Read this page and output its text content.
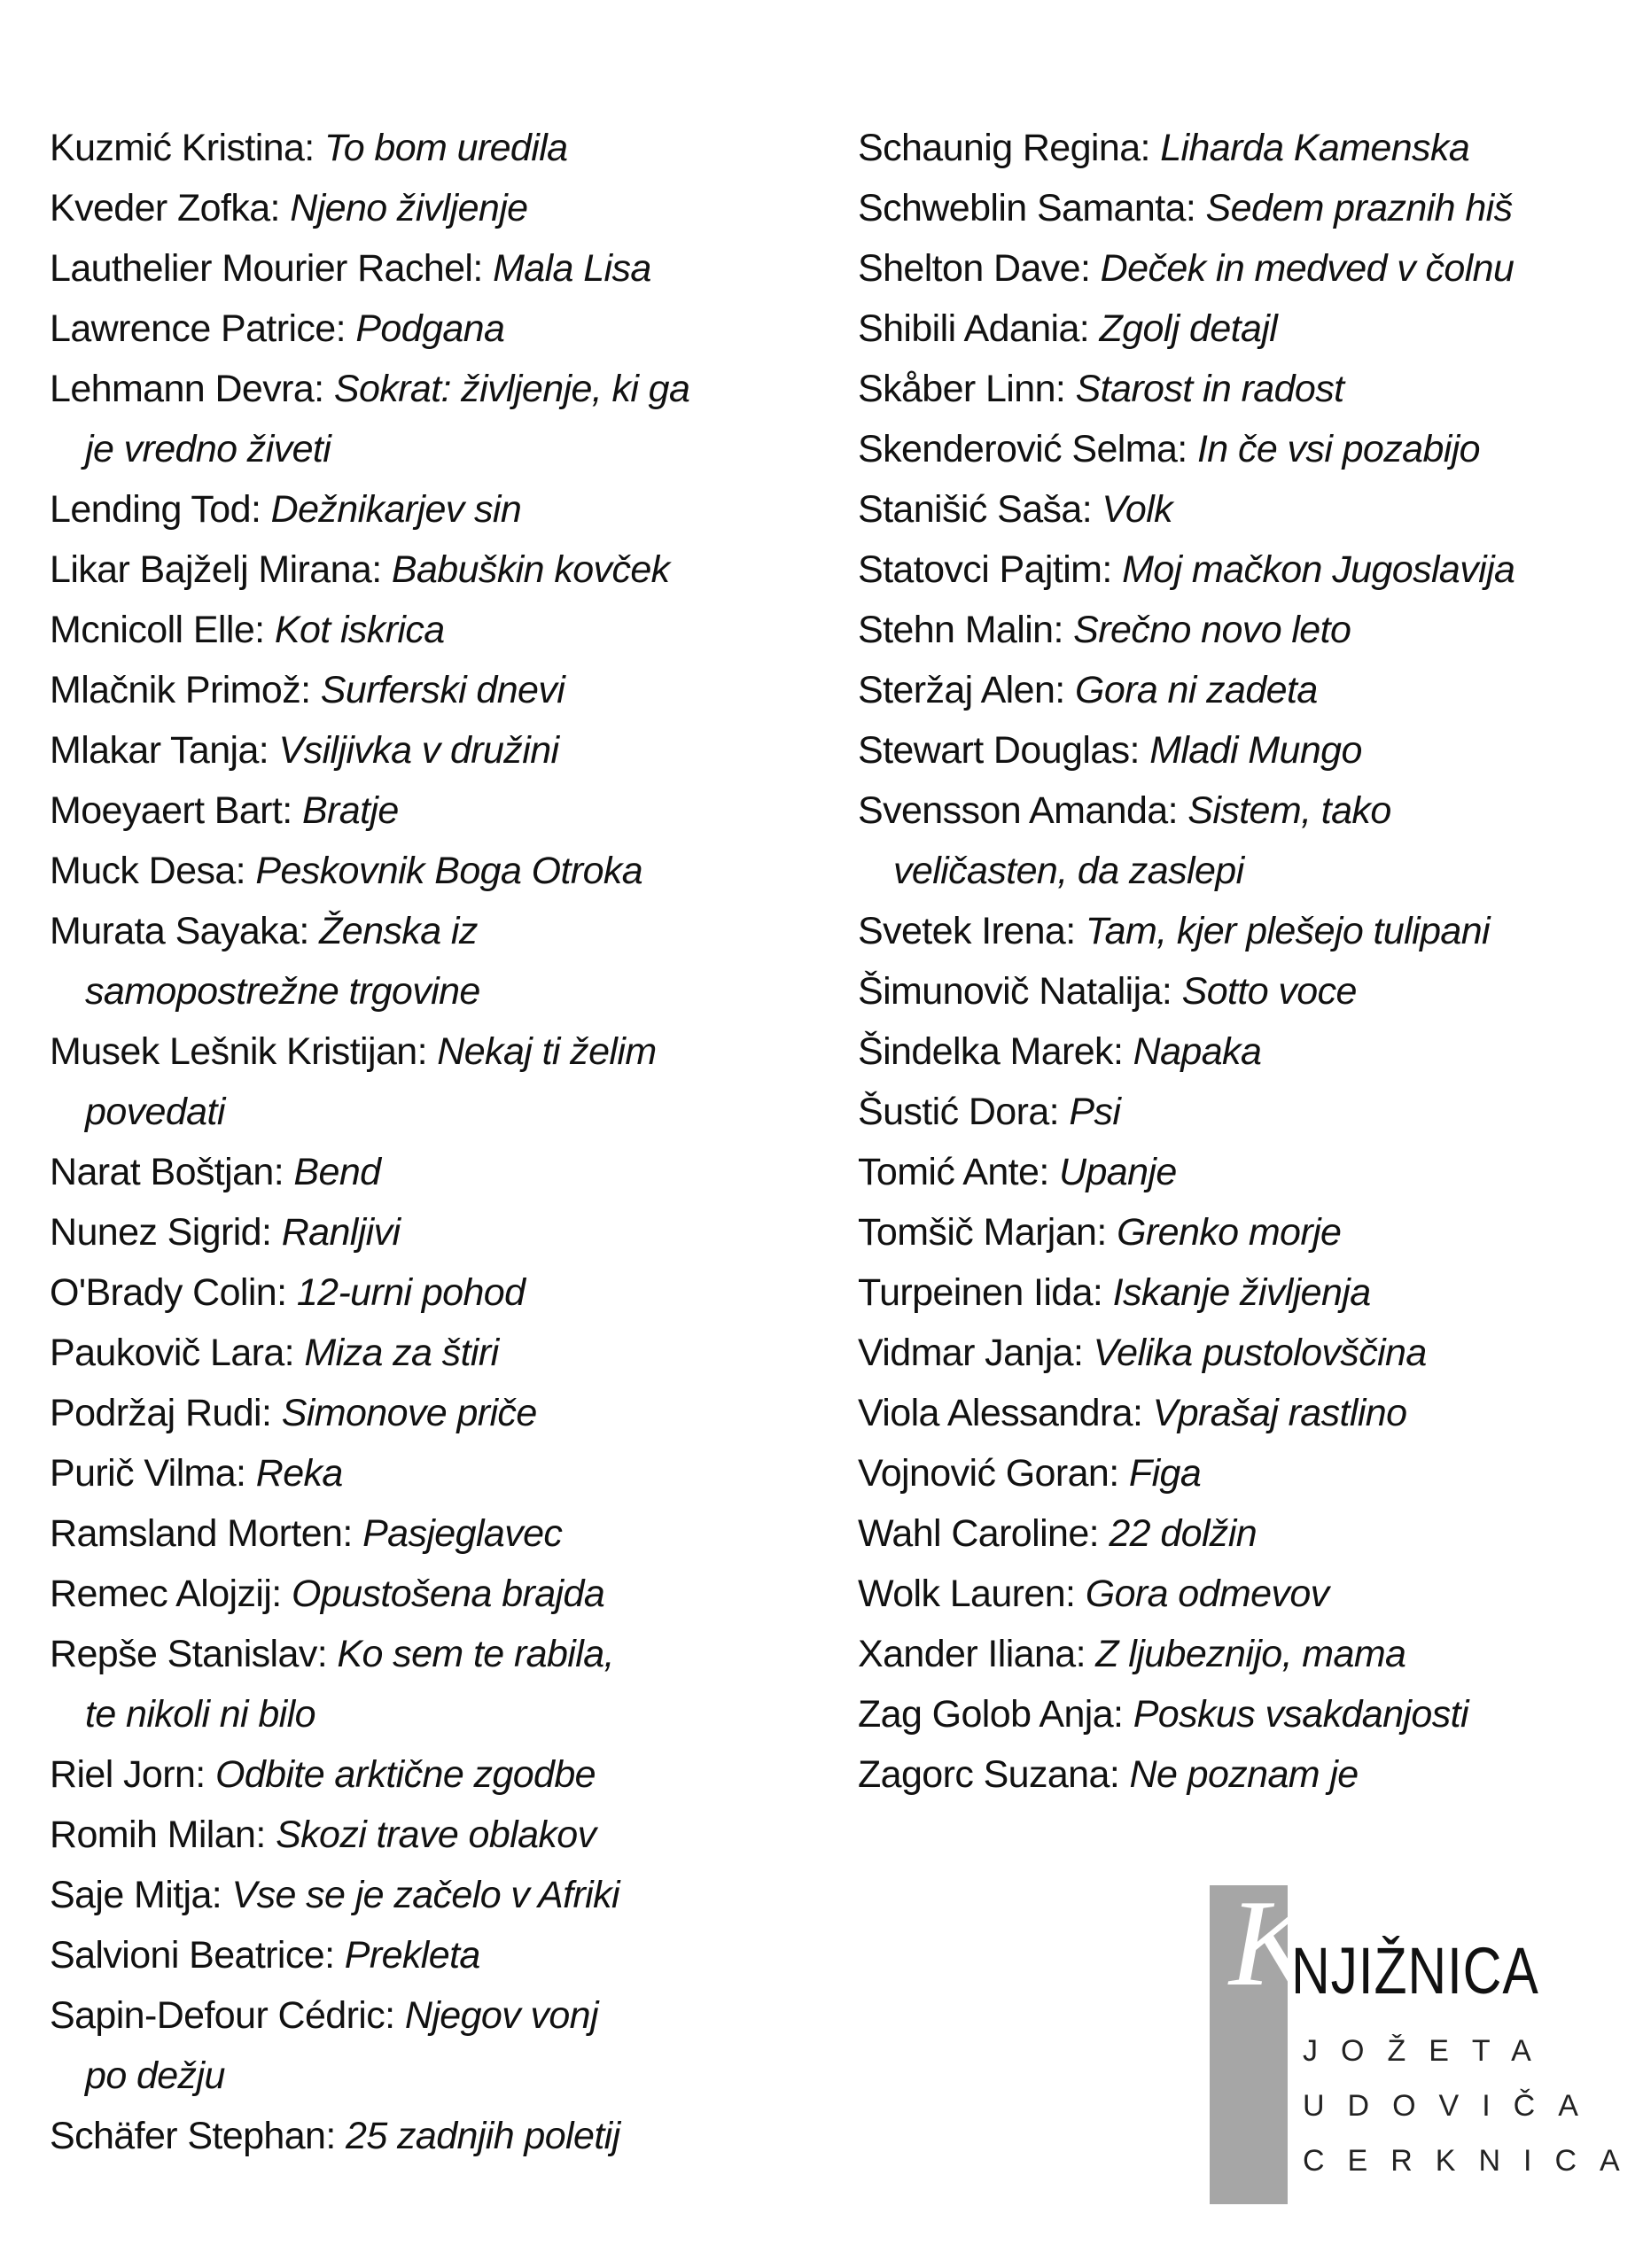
Kuzmić Kristina: To bom uredila
Kveder Zofka: Njeno življenje
Lauthelier Mourier Rachel: Mala Lisa
Lawrence Patrice: Podgana
Lehmann Devra: Sokrat: življenje, ki ga
je vredno živeti
Lending Tod: Dežnikarjev sin
Likar Bajželj Mirana: Babuškin kovček
Mcnicoll Elle: Kot iskrica
Mlačnik Primož: Surferski dnevi
Mlakar Tanja: Vsiljivka v družini
Moeyaert Bart: Bratje
Muck Desa: Peskovnik Boga Otroka
Murata Sayaka: Ženska iz
samopostrežne trgovine
Musek Lešnik Kristijan: Nekaj ti želim
povedati
Narat Boštjan: Bend
Nunez Sigrid: Ranljivi
O'Brady Colin: 12-urni pohod
Paukovič Lara: Miza za štiri
Podržaj Rudi: Simonove priče
Purič Vilma: Reka
Ramsland Morten: Pasjeglavec
Remec Alojzij: Opustošena brajda
Repše Stanislav: Ko sem te rabila,
te nikoli ni bilo
Riel Jorn: Odbite arktične zgodbe
Romih Milan: Skozi trave oblakov
Saje Mitja: Vse se je začelo v Afriki
Salvioni Beatrice: Prekleta
Sapin-Defour Cédric: Njegov vonj
po dežju
Schäfer Stephan: 25 zadnjih poletij
Schaunig Regina: Liharda Kamenska
Schweblin Samanta: Sedem praznih hiš
Shelton Dave: Deček in medved v čolnu
Shibili Adania: Zgolj detajl
Skåber Linn: Starost in radost
Skenderović Selma: In če vsi pozabijo
Stanišić Saša: Volk
Statovci Pajtim: Moj mačkon Jugoslavija
Stehn Malin: Srečno novo leto
Steržaj Alen: Gora ni zadeta
Stewart Douglas: Mladi Mungo
Svensson Amanda: Sistem, tako
veličasten, da zaslepi
Svetek Irena: Tam, kjer plešejo tulipani
Šimunovič Natalija: Sotto voce
Šindelka Marek: Napaka
Šustić Dora: Psi
Tomić Ante: Upanje
Tomšič Marjan: Grenko morje
Turpeinen Iida: Iskanje življenja
Vidmar Janja: Velika pustolovščina
Viola Alessandra: Vprašaj rastlino
Vojnović Goran: Figa
Wahl Caroline: 22 dolžin
Wolk Lauren: Gora odmevov
Xander Iliana: Z ljubeznijo, mama
Zag Golob Anja: Poskus vsakdanjosti
Zagorc Suzana: Ne poznam je
K
NJIŽNICA
JOŽETA
UDOVIČA
CERKNICA
